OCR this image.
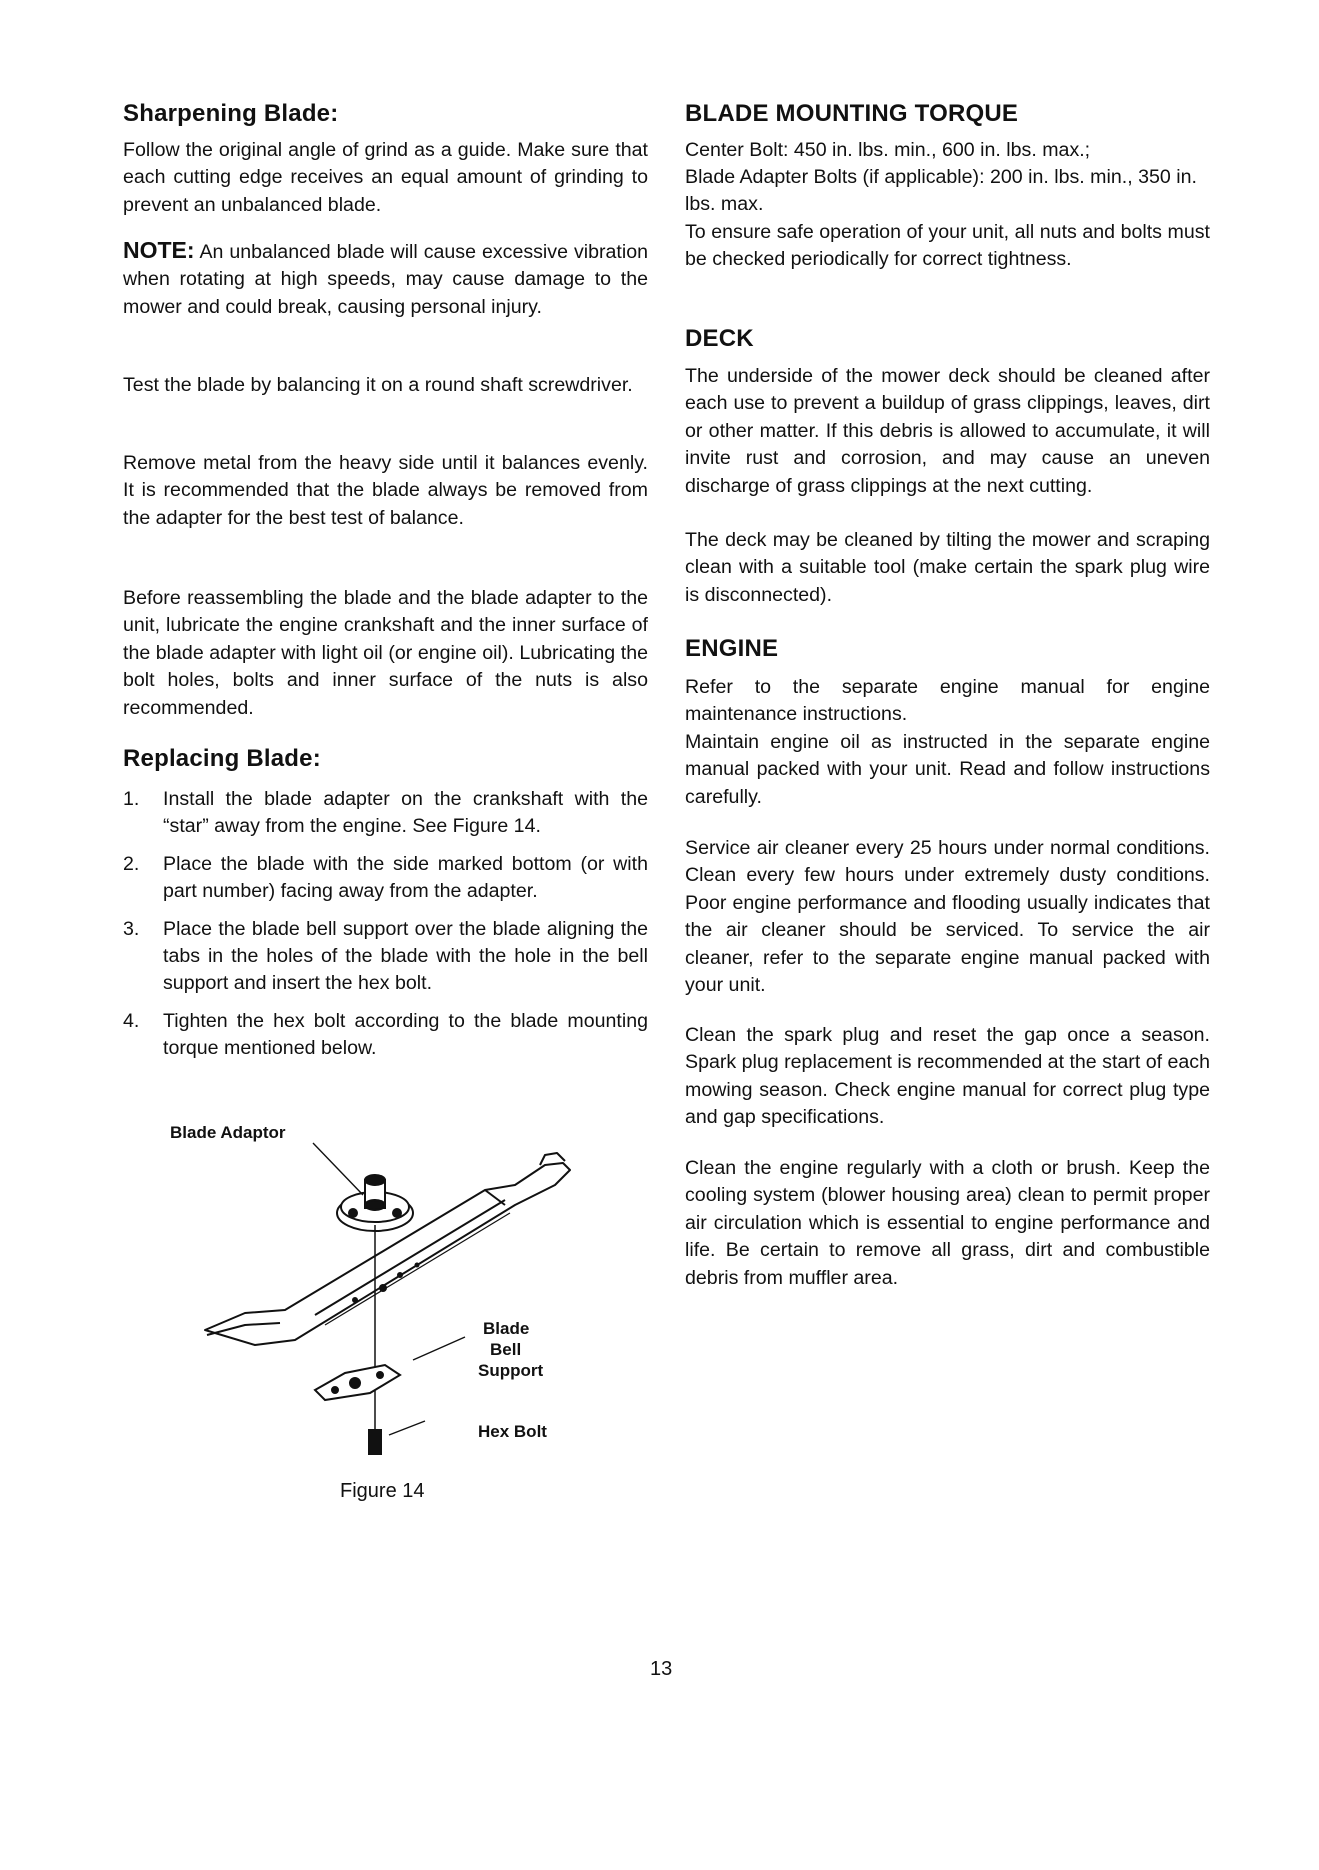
Sharpening Blade:

Follow the original angle of grind as a guide. Make sure that each cutting edge receives an equal amount of grinding to prevent an unbalanced blade.

NOTE: An unbalanced blade will cause excessive vibration when rotating at high speeds, may cause damage to the mower and could break, causing personal injury.

Test the blade by balancing it on a round shaft screwdriver.

Remove metal from the heavy side until it balances evenly. It is recommended that the blade always be removed from the adapter for the best test of balance.

Before reassembling the blade and the blade adapter to the unit, lubricate the engine crankshaft and the inner surface of the blade adapter with light oil (or engine oil). Lubricating the bolt holes, bolts and inner surface of the nuts is also recommended.

Replacing Blade:
1. Install the blade adapter on the crankshaft with the “star” away from the engine. See Figure 14.
2. Place the blade with the side marked bottom (or with part number) facing away from the adapter.
3. Place the blade bell support over the blade aligning the tabs in the holes of the blade with the hole in the bell support and insert the hex bolt.
4. Tighten the hex bolt according to the blade mounting torque mentioned below.
Blade Adaptor
Blade
Bell
Support
Hex Bolt
Figure 14
BLADE MOUNTING TORQUE

Center Bolt: 450 in. lbs. min., 600 in. lbs. max.;

Blade Adapter Bolts (if applicable): 200 in. lbs. min., 350 in. lbs. max.

To ensure safe operation of your unit, all nuts and bolts must be checked periodically for correct tightness.

DECK

The underside of the mower deck should be cleaned after each use to prevent a buildup of grass clippings, leaves, dirt or other matter. If this debris is allowed to accumulate, it will invite rust and corrosion, and may cause an uneven discharge of grass clippings at the next cutting.

The deck may be cleaned by tilting the mower and scraping clean with a suitable tool (make certain the spark plug wire is disconnected).

ENGINE

Refer to the separate engine manual for engine maintenance instructions.

Maintain engine oil as instructed in the separate engine manual packed with your unit. Read and follow instructions carefully.

Service air cleaner every 25 hours under normal conditions. Clean every few hours under extremely dusty conditions. Poor engine performance and flooding usually indicates that the air cleaner should be serviced. To service the air cleaner, refer to the separate engine manual packed with your unit.

Clean the spark plug and reset the gap once a season. Spark plug replacement is recommended at the start of each mowing season. Check engine manual for correct plug type and gap specifications.

Clean the engine regularly with a cloth or brush. Keep the cooling system (blower housing area) clean to permit proper air circulation which is essential to engine performance and life. Be certain to remove all grass, dirt and combustible debris from muffler area.

13
